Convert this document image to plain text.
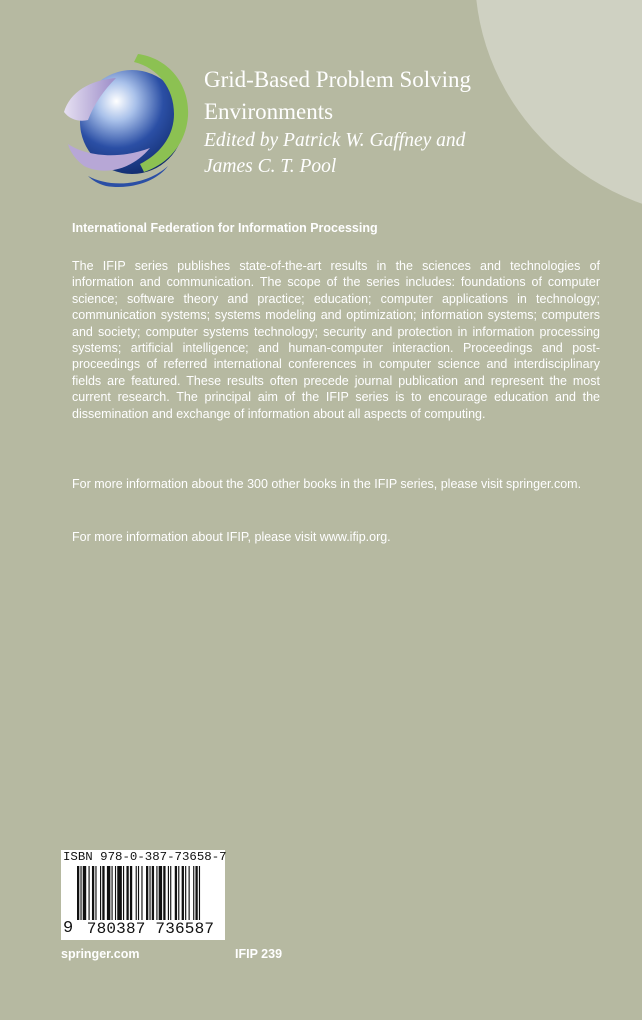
Grid-Based Problem Solving
Environments
Edited by Patrick W. Gaffney and
James C. T. Pool
International Federation for Information Processing

The IFIP series publishes state-of-the-art results in the sciences and technologies of information and communication. The scope of the series includes: foundations of computer science; software theory and practice; education; computer applications in technology; communication systems; systems modeling and optimization; information systems; computers and society; computer systems technology; security and protection in information processing systems; artificial intelligence; and human-computer interaction. Proceedings and post-proceedings of referred international conferences in computer science and interdisciplinary fields are featured. These results often precede journal publication and represent the most current research. The principal aim of the IFIP series is to encourage education and the dissemination and exchange of information about all aspects of computing.

For more information about the 300 other books in the IFIP series, please visit springer.com.

For more information about IFIP, please visit www.ifip.org.

ISBN 978-0-387-73658-7
9 780387 736587
springer.com	IFIP 239
